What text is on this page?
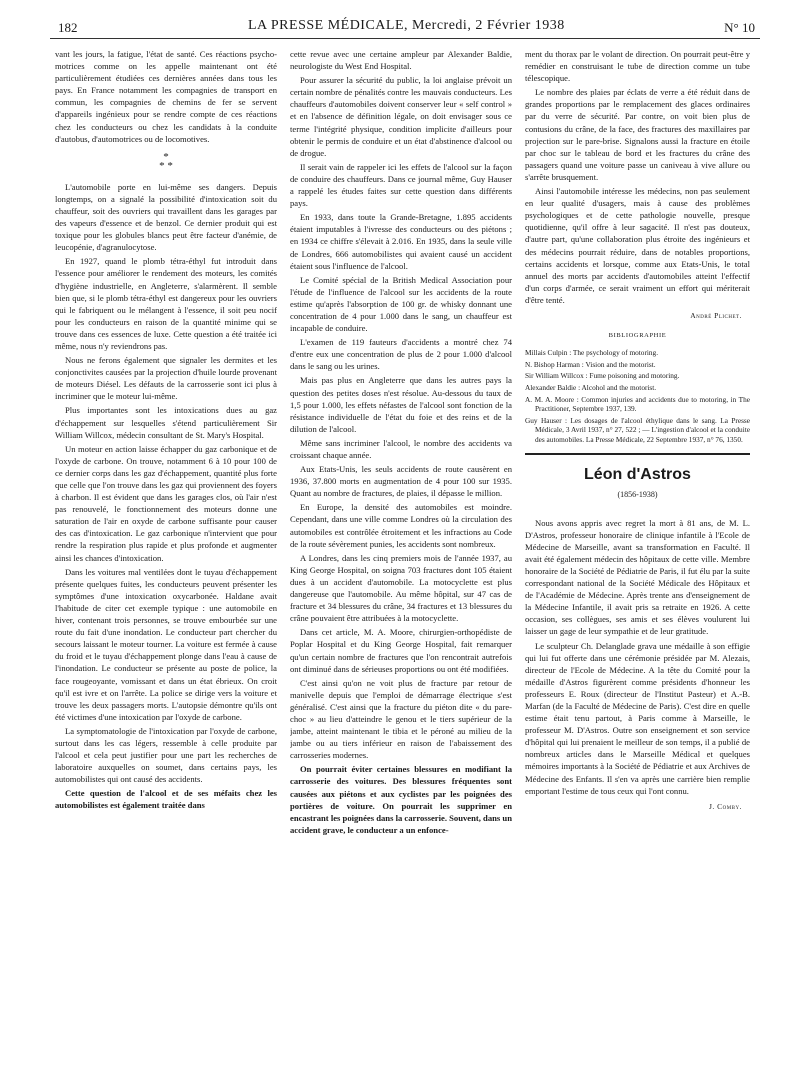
182	LA PRESSE MÉDICALE, Mercredi, 2 Février 1938	N° 10

vant les jours, la fatigue, l'état de santé. Ces réactions psycho-motrices comme on les appelle maintenant ont été particulièrement étudiées ces dernières années dans tous les pays. En France notamment les compagnies de transport en commun, les compagnies de chemins de fer se servent d'appareils ingénieux pour se rendre compte de ces réactions chez les conducteurs ou chez les candidats à la conduite d'autobus, d'automotrices ou de locomotives.

*
* *

L'automobile porte en lui-même ses dangers. Depuis longtemps, on a signalé la possibilité d'intoxication soit du chauffeur, soit des ouvriers qui travaillent dans les garages par des vapeurs d'essence et de benzol. Ce dernier produit qui est toxique pour les globules blancs peut être facteur d'anémie, de leucopénie, d'agranulocytose.

En 1927, quand le plomb tétra-éthyl fut introduit dans l'essence pour améliorer le rendement des moteurs, les comités d'hygiène industrielle, en Angleterre, s'alarmèrent. Il semble bien que, si le plomb tétra-éthyl est dangereux pour les ouvriers qui le fabriquent ou le mélangent à l'essence, il soit peu nocif pour les conducteurs en raison de la quantité minime qui se trouve dans ces essences de luxe. Cette question a été traitée ici même, nous n'y reviendrons pas.

Nous ne ferons également que signaler les dermites et les conjonctivites causées par la projection d'huile lourde provenant de moteurs Diésel. Les défauts de la carrosserie sont ici plus à incriminer que le moteur lui-même.

Plus importantes sont les intoxications dues au gaz d'échappement sur lesquelles s'étend particulièrement Sir William Willcox, médecin consultant de St. Mary's Hospital.

Un moteur en action laisse échapper du gaz carbonique et de l'oxyde de carbone. On trouve, notamment 6 à 10 pour 100 de ce dernier corps dans les gaz d'échappement, quantité plus forte que celle que l'on trouve dans les gaz qui proviennent des foyers à charbon. Il est évident que dans les garages clos, où l'air n'est pas renouvelé, le fonctionnement des moteurs donne une saturation de l'air en oxyde de carbone suffisante pour causer des cas d'intoxication. Le gaz carbonique n'intervient que pour rendre la respiration plus rapide et plus profonde et augmenter ainsi les chances d'intoxication.

Dans les voitures mal ventilées dont le tuyau d'échappement présente quelques fuites, les conducteurs peuvent présenter les symptômes d'une intoxication oxycarbonée. Haldane avait l'habitude de citer cet exemple typique : une automobile en hiver, contenant trois personnes, se trouve embourbée sur une route du fait d'une inondation. Le conducteur part chercher du secours laissant le moteur tourner. La voiture est fermée à cause du froid et le tuyau d'échappement plonge dans l'eau à cause de l'inondation. Le conducteur se présente au poste de police, la face rougeoyante, vomissant et dans un état ébrieux. On croit qu'il est ivre et on l'arrête. La police se dirige vers la voiture et trouve les deux passagers morts. L'autopsie démontre qu'ils ont été victimes d'une intoxication par l'oxyde de carbone.

La symptomatologie de l'intoxication par l'oxyde de carbone, surtout dans les cas légers, ressemble à celle produite par l'alcool et cela peut justifier pour une part les recherches de laboratoire auxquelles on soumet, dans certains pays, les automobilistes qui ont causé des accidents.

Cette question de l'alcool et de ses méfaits chez les automobilistes est également traitée dans

cette revue avec une certaine ampleur par Alexander Baldie, neurologiste du West End Hospital.

Pour assurer la sécurité du public, la loi anglaise prévoit un certain nombre de pénalités contre les mauvais conducteurs. Les chauffeurs d'automobiles doivent conserver leur « self control » et en l'absence de définition légale, on doit envisager sous ce terme l'intégrité physique, condition implicite d'ailleurs pour obtenir le permis de conduire et un état d'abstinence d'alcool ou de drogue.

Il serait vain de rappeler ici les effets de l'alcool sur la façon de conduire des chauffeurs. Dans ce journal même, Guy Hauser a rappelé les études faites sur cette question dans différents pays.

En 1933, dans toute la Grande-Bretagne, 1.895 accidents étaient imputables à l'ivresse des conducteurs ou des piétons ; en 1934 ce chiffre s'élevait à 2.016. En 1935, dans la seule ville de Londres, 666 automobilistes qui avaient causé un accident étaient sous l'influence de l'alcool.

Le Comité spécial de la British Medical Association pour l'étude de l'influence de l'alcool sur les accidents de la route estime qu'après l'absorption de 100 gr. de whisky donnant une concentration de 4 pour 1.000 dans le sang, un chauffeur est incapable de conduire.

L'examen de 119 fauteurs d'accidents a montré chez 74 d'entre eux une concentration de plus de 2 pour 1.000 d'alcool dans le sang ou les urines.

Mais pas plus en Angleterre que dans les autres pays la question des petites doses n'est résolue. Au-dessous du taux de 1,5 pour 1.000, les effets néfastes de l'alcool sont fonction de la résistance individuelle de l'état du foie et des reins et de la dilution de l'alcool.

Même sans incriminer l'alcool, le nombre des accidents va croissant chaque année.

Aux Etats-Unis, les seuls accidents de route causèrent en 1936, 37.800 morts en augmentation de 4 pour 100 sur 1935. Quant au nombre de fractures, de plaies, il dépasse le million.

En Europe, la densité des automobiles est moindre. Cependant, dans une ville comme Londres où la circulation des automobiles est contrôlée étroitement et les infractions au Code de la route sévèrement punies, les accidents sont nombreux.

A Londres, dans les cinq premiers mois de l'année 1937, au King George Hospital, on soigna 703 fractures dont 105 étaient dues à un accident d'automobile. La motocyclette est plus dangereuse que l'automobile. Au même hôpital, sur 47 cas de fracture et 34 blessures du crâne, 34 fractures et 13 blessures du crâne pouvaient être attribuées à la motocyclette.

Dans cet article, M. A. Moore, chirurgien-orthopédiste de Poplar Hospital et du King George Hospital, fait remarquer qu'un certain nombre de fractures que l'on rencontrait autrefois ont diminué dans de sérieuses proportions ou ont été modifiées.

C'est ainsi qu'on ne voit plus de fracture par retour de manivelle depuis que l'emploi de démarrage électrique s'est généralisé. C'est ainsi que la fracture du piéton dite « du pare-choc » au lieu d'atteindre le genou et le tiers supérieur de la jambe, atteint maintenant le tibia et le péroné au milieu de la jambe ou au tiers inférieur en raison de l'abaissement des carrosseries modernes.

On pourrait éviter certaines blessures en modifiant la carrosserie des voitures. Des blessures fréquentes sont causées aux piétons et aux cyclistes par les poignées des portières de voiture. On pourrait les supprimer en encastrant les poignées dans la carrosserie. Souvent, dans un accident grave, le conducteur a un enfonce-

ment du thorax par le volant de direction. On pourrait peut-être y remédier en construisant le tube de direction comme un tube télescopique.

Le nombre des plaies par éclats de verre a été réduit dans de grandes proportions par le remplacement des glaces ordinaires par du verre de sécurité. Par contre, on voit bien plus de contusions du crâne, de la face, des fractures des maxillaires par projection sur le pare-brise. Signalons aussi la fracture en étoile par choc sur le tableau de bord et les fractures du crâne des passagers quand une voiture passe un caniveau à vive allure ou s'arrête brusquement.

Ainsi l'automobile intéresse les médecins, non pas seulement en leur qualité d'usagers, mais à cause des problèmes psychologiques et de cette pathologie nouvelle, presque quotidienne, qu'il offre à leur sagacité. Il n'est pas douteux, d'autre part, qu'une collaboration plus étroite des ingénieurs et des médecins pourrait réduire, dans de notables proportions, certains accidents et lorsque, comme aux Etats-Unis, le total annuel des morts par accidents d'automobiles atteint l'effectif d'un corps d'armée, ce serait vraiment un effort qui mériterait d'être tenté.

André Plichet.
BIBLIOGRAPHIE

Millais Culpin : The psychology of motoring.

N. Bishop Harman : Vision and the motorist.

Sir William Willcox : Fume poisoning and motoring.

Alexander Baldie : Alcohol and the motorist.

A. M. A. Moore : Common injuries and accidents due to motoring, in The Practitioner, Septembre 1937, 139.

Guy Hauser : Les dosages de l'alcool éthylique dans le sang. La Presse Médicale, 3 Avril 1937, n° 27, 522 ; — L'ingestion d'alcool et la conduite des automobiles. La Presse Médicale, 22 Septembre 1937, n° 76, 1350.

Léon d'Astros
(1856-1938)

Nous avons appris avec regret la mort à 81 ans, de M. L. D'Astros, professeur honoraire de clinique infantile à l'Ecole de Médecine de Marseille, avant sa transformation en Faculté. Il avait été également médecin des hôpitaux de cette ville. Membre honoraire de la Société de Pédiatrie de Paris, il fut élu par la suite correspondant national de la Société Médicale des Hôpitaux et de l'Académie de Médecine. Après trente ans d'enseignement de la Médecine Infantile, il avait pris sa retraite en 1926. A cette occasion, ses collègues, ses amis et ses élèves voulurent lui laisser un gage de leur sympathie et de leur gratitude.

Le sculpteur Ch. Delanglade grava une médaille à son effigie qui lui fut offerte dans une cérémonie présidée par M. Alezais, directeur de l'Ecole de Médecine. A la tête du Comité pour la médaille d'Astros figurèrent comme présidents d'honneur les professeurs E. Roux (directeur de l'Institut Pasteur) et A.-B. Marfan (de la Faculté de Médecine de Paris). C'est dire en quelle estime était tenu partout, à Paris comme à Marseille, le professeur M. D'Astros. Outre son enseignement et son service d'hôpital qui lui prenaient le meilleur de son temps, il a publié de nombreux articles dans le Marseille Médical et quelques mémoires importants à la Société de Pédiatrie et aux Archives de Médecine des Enfants. Il s'en va après une carrière bien remplie emportant l'estime de tous ceux qui l'ont connu.

J. Comby.
